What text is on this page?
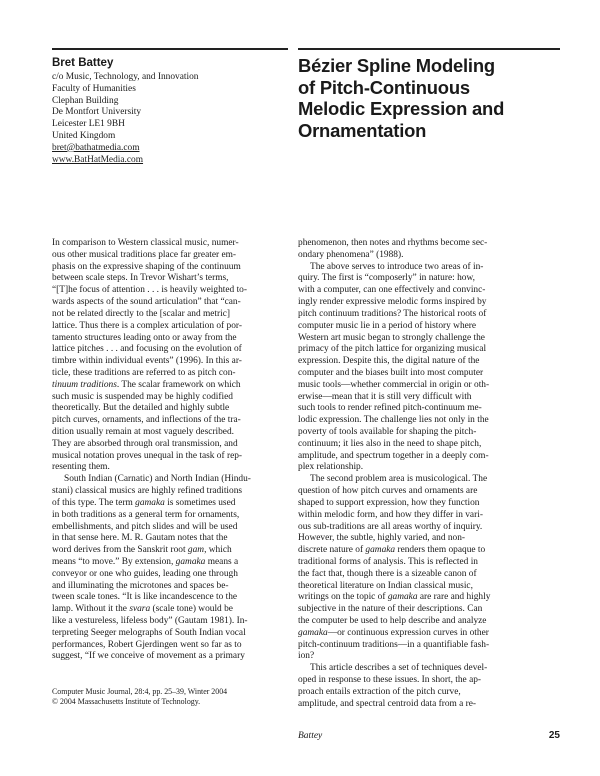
Bret Battey
c/o Music, Technology, and Innovation
Faculty of Humanities
Clephan Building
De Montfort University
Leicester LE1 9BH
United Kingdom
bret@bathatmedia.com
www.BatHatMedia.com
Bézier Spline Modeling
of Pitch-Continuous
Melodic Expression and
Ornamentation
In comparison to Western classical music, numer-
ous other musical traditions place far greater em-
phasis on the expressive shaping of the continuum
between scale steps. In Trevor Wishart’s terms,
“[T]he focus of attention . . . is heavily weighted to-
wards aspects of the sound articulation” that “can-
not be related directly to the [scalar and metric]
lattice. Thus there is a complex articulation of por-
tamento structures leading onto or away from the
lattice pitches . . . and focusing on the evolution of
timbre within individual events” (1996). In this ar-
ticle, these traditions are referred to as pitch con-
tinuum traditions. The scalar framework on which
such music is suspended may be highly codified
theoretically. But the detailed and highly subtle
pitch curves, ornaments, and inflections of the tra-
dition usually remain at most vaguely described.
They are absorbed through oral transmission, and
musical notation proves unequal in the task of rep-
resenting them.
South Indian (Carnatic) and North Indian (Hindu-
stani) classical musics are highly refined traditions
of this type. The term gamaka is sometimes used
in both traditions as a general term for ornaments,
embellishments, and pitch slides and will be used
in that sense here. M. R. Gautam notes that the
word derives from the Sanskrit root gam, which
means “to move.” By extension, gamaka means a
conveyor or one who guides, leading one through
and illuminating the microtones and spaces be-
tween scale tones. “It is like incandescence to the
lamp. Without it the svara (scale tone) would be
like a vestureless, lifeless body” (Gautam 1981). In-
terpreting Seeger melographs of South Indian vocal
performances, Robert Gjerdingen went so far as to
suggest, “If we conceive of movement as a primary
phenomenon, then notes and rhythms become sec-
ondary phenomena” (1988).
The above serves to introduce two areas of in-
quiry. The first is “composerly” in nature: how,
with a computer, can one effectively and convinc-
ingly render expressive melodic forms inspired by
pitch continuum traditions? The historical roots of
computer music lie in a period of history where
Western art music began to strongly challenge the
primacy of the pitch lattice for organizing musical
expression. Despite this, the digital nature of the
computer and the biases built into most computer
music tools—whether commercial in origin or oth-
erwise—mean that it is still very difficult with
such tools to render refined pitch-continuum me-
lodic expression. The challenge lies not only in the
poverty of tools available for shaping the pitch-
continuum; it lies also in the need to shape pitch,
amplitude, and spectrum together in a deeply com-
plex relationship.
The second problem area is musicological. The
question of how pitch curves and ornaments are
shaped to support expression, how they function
within melodic form, and how they differ in vari-
ous sub-traditions are all areas worthy of inquiry.
However, the subtle, highly varied, and non-
discrete nature of gamaka renders them opaque to
traditional forms of analysis. This is reflected in
the fact that, though there is a sizeable canon of
theoretical literature on Indian classical music,
writings on the topic of gamaka are rare and highly
subjective in the nature of their descriptions. Can
the computer be used to help describe and analyze
gamaka—or continuous expression curves in other
pitch-continuum traditions—in a quantifiable fash-
ion?
This article describes a set of techniques devel-
oped in response to these issues. In short, the ap-
proach entails extraction of the pitch curve,
amplitude, and spectral centroid data from a re-
Computer Music Journal, 28:4, pp. 25–39, Winter 2004
© 2004 Massachusetts Institute of Technology.
Battey	25
